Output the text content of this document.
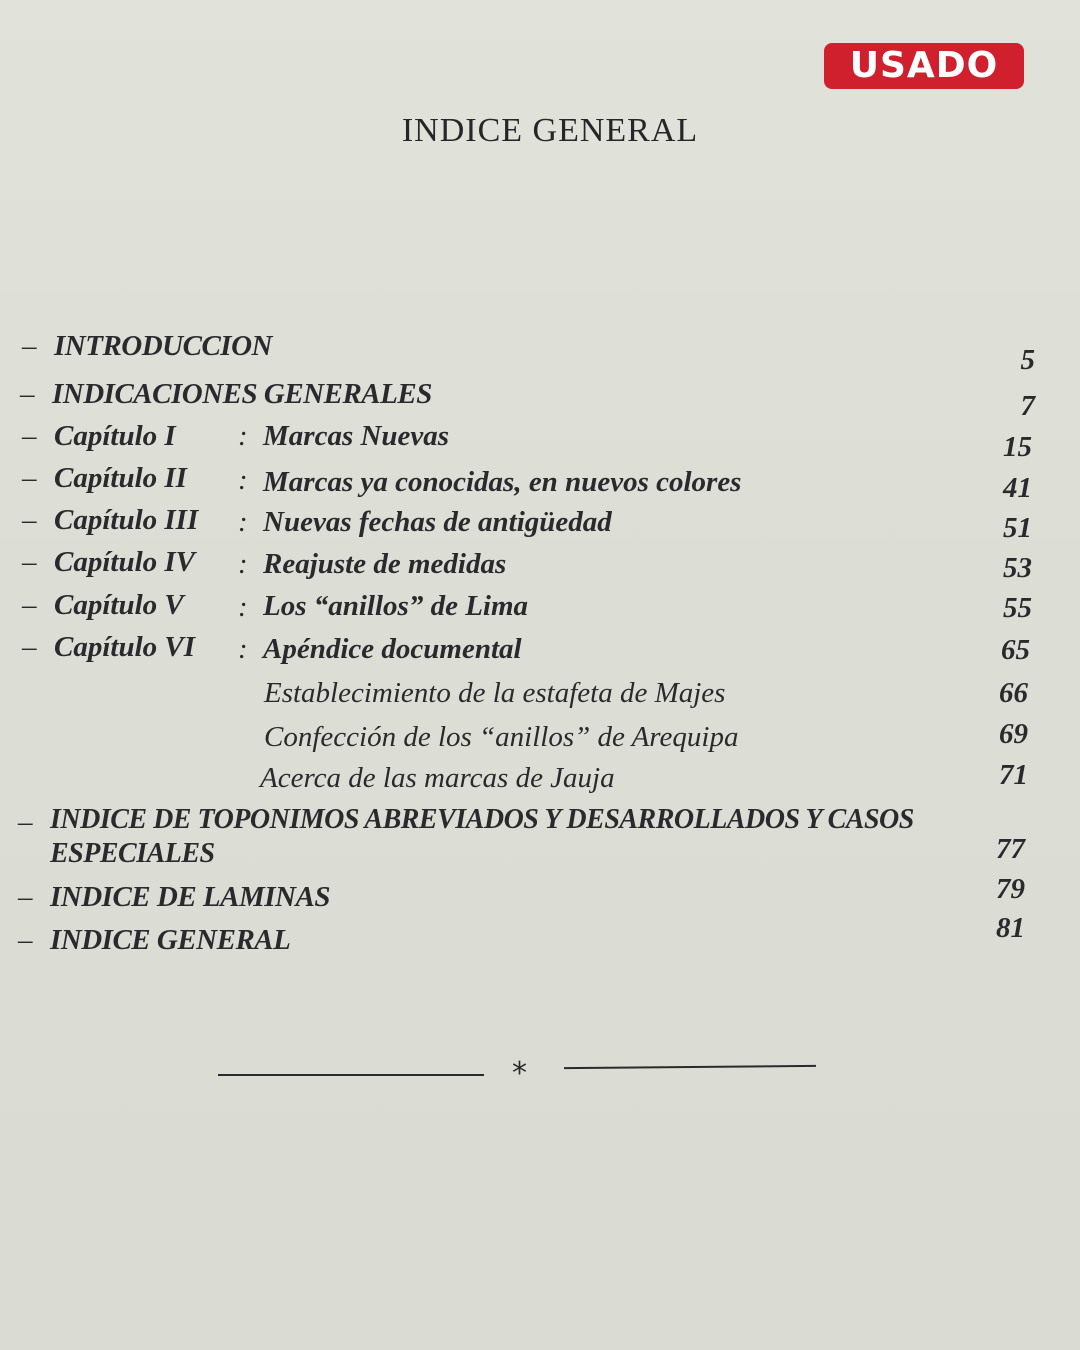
USADO
INDICE GENERAL
– INTRODUCCION	5
– INDICACIONES GENERALES	7
– Capítulo I : Marcas Nuevas	15
– Capítulo II : Marcas ya conocidas, en nuevos colores	41
– Capítulo III : Nuevas fechas de antigüedad	51
– Capítulo IV : Reajuste de medidas	53
– Capítulo V : Los “anillos” de Lima	55
– Capítulo VI : Apéndice documental	65
Establecimiento de la estafeta de Majes	66
Confección de los “anillos” de Arequipa	69
Acerca de las marcas de Jauja	71
– INDICE DE TOPONIMOS ABREVIADOS Y DESARROLLADOS Y CASOS
ESPECIALES	77
– INDICE DE LAMINAS	79
– INDICE GENERAL	81
*
